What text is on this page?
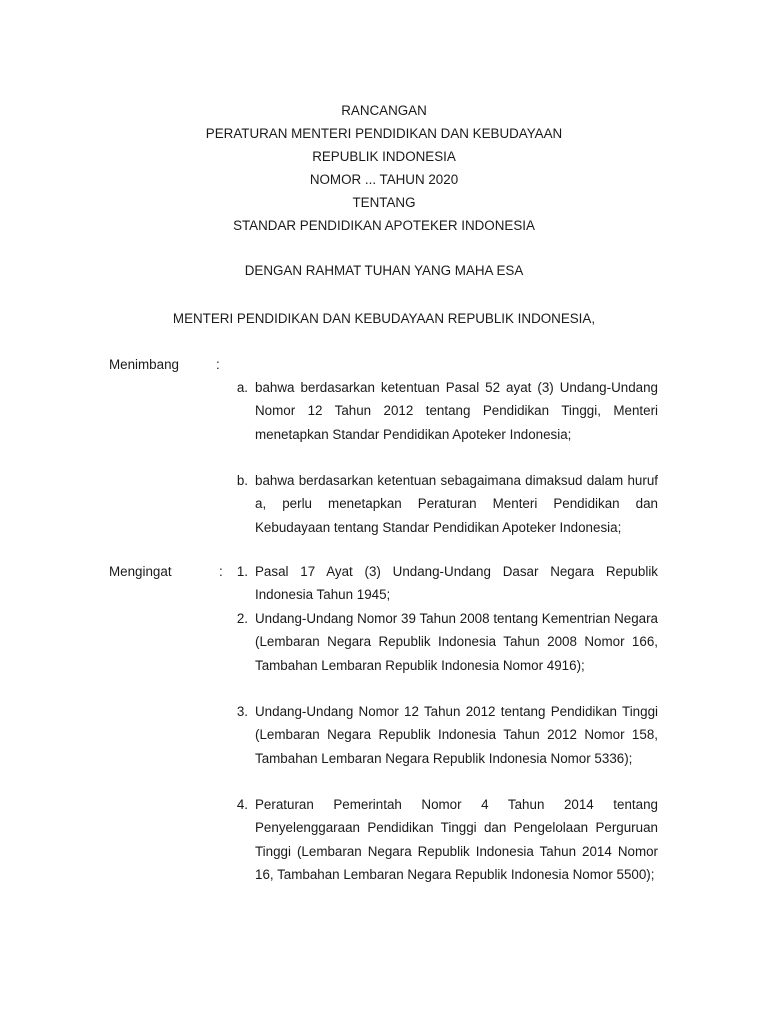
RANCANGAN
PERATURAN MENTERI PENDIDIKAN DAN KEBUDAYAAN
REPUBLIK INDONESIA
NOMOR ... TAHUN 2020
TENTANG
STANDAR PENDIDIKAN APOTEKER INDONESIA
DENGAN RAHMAT TUHAN YANG MAHA ESA
MENTERI PENDIDIKAN DAN KEBUDAYAAN REPUBLIK INDONESIA,
Menimbang	:
a. bahwa berdasarkan ketentuan Pasal 52 ayat (3) Undang-Undang Nomor 12 Tahun 2012 tentang Pendidikan Tinggi, Menteri menetapkan Standar Pendidikan Apoteker Indonesia;
b. bahwa berdasarkan ketentuan sebagaimana dimaksud dalam huruf a, perlu menetapkan Peraturan Menteri Pendidikan dan Kebudayaan tentang Standar Pendidikan Apoteker Indonesia;
Mengingat	:	1. Pasal 17 Ayat (3) Undang-Undang Dasar Negara Republik Indonesia Tahun 1945;
2. Undang-Undang Nomor 39 Tahun 2008 tentang Kementrian Negara (Lembaran Negara Republik Indonesia Tahun 2008 Nomor 166, Tambahan Lembaran Republik Indonesia Nomor 4916);
3. Undang-Undang Nomor 12 Tahun 2012 tentang Pendidikan Tinggi (Lembaran Negara Republik Indonesia Tahun 2012 Nomor 158, Tambahan Lembaran Negara Republik Indonesia Nomor 5336);
4. Peraturan Pemerintah Nomor 4 Tahun 2014 tentang Penyelenggaraan Pendidikan Tinggi dan Pengelolaan Perguruan Tinggi (Lembaran Negara Republik Indonesia Tahun 2014 Nomor 16, Tambahan Lembaran Negara Republik Indonesia Nomor 5500);
